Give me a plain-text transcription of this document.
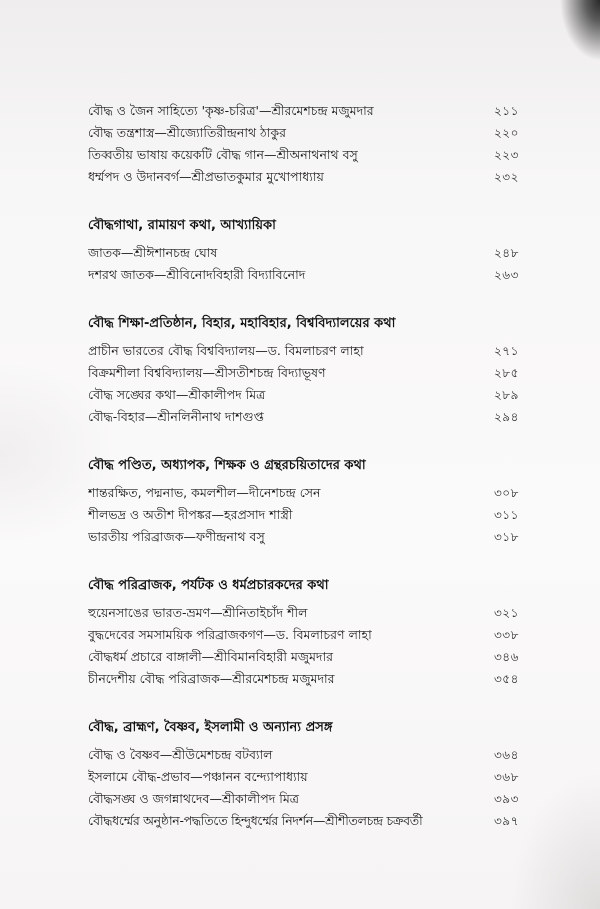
বৌদ্ধ ও জৈন সাহিত্যে 'কৃষ্ণ-চরিত্র'—শ্রীরমেশচন্দ্র মজুমদার	২১১
বৌদ্ধ তন্ত্রশাস্ত্র—শ্রীজ্যোতিরীন্দ্রনাথ ঠাকুর	২২০
তিব্বতীয় ভাষায় কয়েকটি বৌদ্ধ গান—শ্রীঅনাথনাথ বসু	২২৩
ধর্ম্মপদ ও উদানবর্গ—শ্রীপ্রভাতকুমার মুখোপাধ্যায়	২৩২
বৌদ্ধগাথা, রামায়ণ কথা, আখ্যায়িকা
জাতক—শ্রীঈশানচন্দ্র ঘোষ	২৪৮
দশরথ জাতক—শ্রীবিনোদবিহারী বিদ্যাবিনোদ	২৬৩
বৌদ্ধ শিক্ষা-প্রতিষ্ঠান, বিহার, মহাবিহার, বিশ্ববিদ্যালয়ের কথা
প্রাচীন ভারতের বৌদ্ধ বিশ্ববিদ্যালয়—ড. বিমলাচরণ লাহা	২৭১
বিক্রমশীলা বিশ্ববিদ্যালয়—শ্রীসতীশচন্দ্র বিদ্যাভূষণ	২৮৫
বৌদ্ধ সঙ্ঘের কথা—শ্রীকালীপদ মিত্র	২৮৯
বৌদ্ধ-বিহার—শ্রীনলিনীনাথ দাশগুপ্ত	২৯৪
বৌদ্ধ পণ্ডিত, অধ্যাপক, শিক্ষক ও গ্রন্থরচয়িতাদের কথা
শান্তরক্ষিত, পদ্মনাভ, কমলশীল—দীনেশচন্দ্র সেন	৩০৮
শীলভদ্র ও অতীশ দীপঙ্কর—হরপ্রসাদ শাস্ত্রী	৩১১
ভারতীয় পরিব্রাজক—ফণীন্দ্রনাথ বসু	৩১৮
বৌদ্ধ পরিব্রাজক, পর্যটক ও ধর্মপ্রচারকদের কথা
হুয়েনসাঙের ভারত-ভ্রমণ—শ্রীনিতাইচাঁদ শীল	৩২১
বুদ্ধদেবের সমসাময়িক পরিব্রাজকগণ—ড. বিমলাচরণ লাহা	৩৩৮
বৌদ্ধধর্ম প্রচারে বাঙ্গালী—শ্রীবিমানবিহারী মজুমদার	৩৪৬
চীনদেশীয় বৌদ্ধ পরিব্রাজক—শ্রীরমেশচন্দ্র মজুমদার	৩৫৪
বৌদ্ধ, ব্রাহ্মণ, বৈষ্ণব, ইসলামী ও অন্যান্য প্রসঙ্গ
বৌদ্ধ ও বৈষ্ণব—শ্রীউমেশচন্দ্র বটব্যাল	৩৬৪
ইসলামে বৌদ্ধ-প্রভাব—পঞ্চানন বন্দ্যোপাধ্যায়	৩৬৮
বৌদ্ধসঙ্ঘ ও জগন্নাথদেব—শ্রীকালীপদ মিত্র	৩৯৩
বৌদ্ধধর্ম্মের অনুষ্ঠান-পদ্ধতিতে হিন্দুধর্ম্মের নিদর্শন—শ্রীশীতলচন্দ্র চক্রবর্তী	৩৯৭
